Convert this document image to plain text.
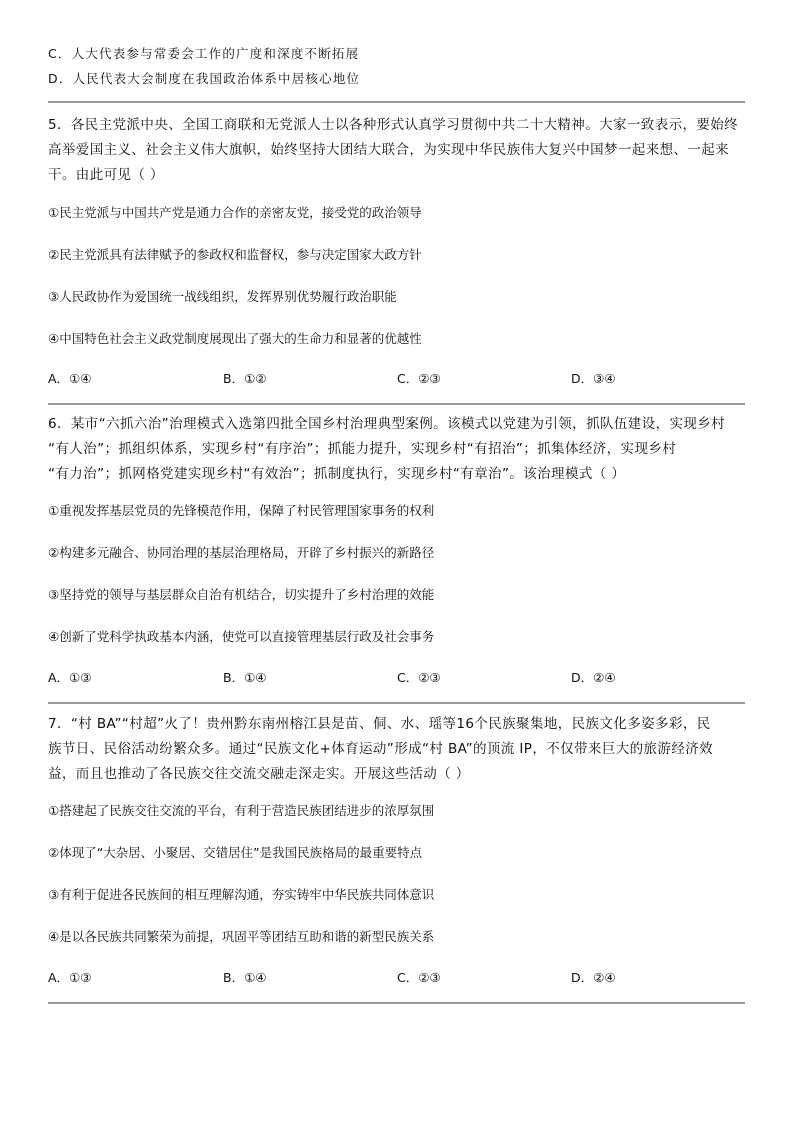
C．人大代表参与常委会工作的广度和深度不断拓展
D．人民代表大会制度在我国政治体系中居核心地位
5．各民主党派中央、全国工商联和无党派人士以各种形式认真学习贯彻中共二十大精神。大家一致表示，要始终
高举爱国主义、社会主义伟大旗帜，始终坚持大团结大联合，为实现中华民族伟大复兴中国梦一起来想、一起来
干。由此可见（ ）
①民主党派与中国共产党是通力合作的亲密友党，接受党的政治领导
②民主党派具有法律赋予的参政权和监督权，参与决定国家大政方针
③人民政协作为爱国统一战线组织，发挥界别优势履行政治职能
④中国特色社会主义政党制度展现出了强大的生命力和显著的优越性
A．①④	B．①②	C．②③	D．③④
6．某市“六抓六治”治理模式入选第四批全国乡村治理典型案例。该模式以党建为引领，抓队伍建设，实现乡村
“有人治”；抓组织体系，实现乡村“有序治”；抓能力提升，实现乡村“有招治”；抓集体经济，实现乡村
“有力治”；抓网格党建实现乡村“有效治”；抓制度执行，实现乡村“有章治”。该治理模式（ ）
①重视发挥基层党员的先锋模范作用，保障了村民管理国家事务的权利
②构建多元融合、协同治理的基层治理格局，开辟了乡村振兴的新路径
③坚持党的领导与基层群众自治有机结合，切实提升了乡村治理的效能
④创新了党科学执政基本内涵，使党可以直接管理基层行政及社会事务
A．①③	B．①④	C．②③	D．②④
7．“村 BA”“村超”火了！贵州黔东南州榕江县是苗、侗、水、瑶等16个民族聚集地，民族文化多姿多彩，民
族节日、民俗活动纷繁众多。通过“民族文化+体育运动”形成“村 BA”的顶流 IP，不仅带来巨大的旅游经济效
益，而且也推动了各民族交往交流交融走深走实。开展这些活动（ ）
①搭建起了民族交往交流的平台，有利于营造民族团结进步的浓厚氛围
②体现了“大杂居、小聚居、交错居住”是我国民族格局的最重要特点
③有利于促进各民族间的相互理解沟通，夯实铸牢中华民族共同体意识
④是以各民族共同繁荣为前提，巩固平等团结互助和谐的新型民族关系
A．①③	B．①④	C．②③	D．②④
